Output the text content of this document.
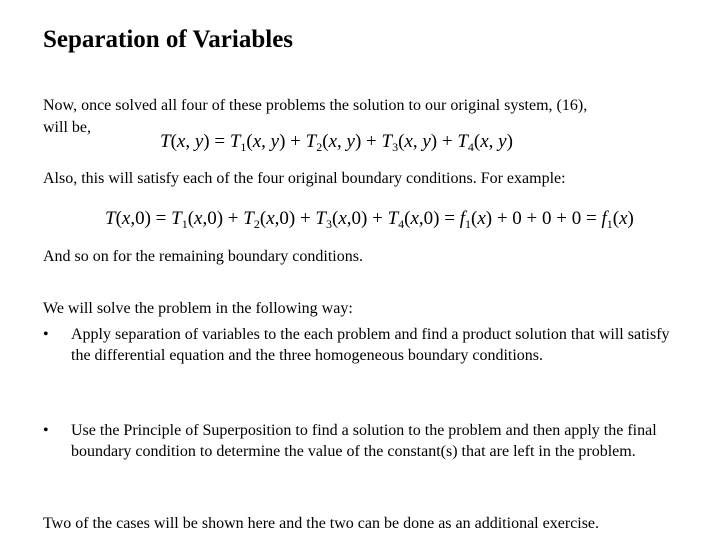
Separation of Variables

Now, once solved all four of these problems the solution to our original system, (16),

will be,

T(x, $y) = T_1(x$, $y) + T_2(x$, $y) + T_3(x$, $y) + T_4(x$, y)

Also, this will satisfy each of the four original boundary conditions. For example:

$T(x,0) = T_1(x,0) + T_2(x,0) + T_3(x,0) + T_4(x,0) = f_1(x) + 0 + 0 + 0 = f_1(x)$

And so on for the remaining boundary conditions.

We will solve the problem in the following way:

• Apply separation of variables to the each problem and find a product solution that will satisfy the differential equation and the three homogeneous boundary conditions.
• Use the Principle of Superposition to find a solution to the problem and then apply the final boundary condition to determine the value of the constant(s) that are left in the problem.

Two of the cases will be shown here and the two can be done as an additional exercise.
